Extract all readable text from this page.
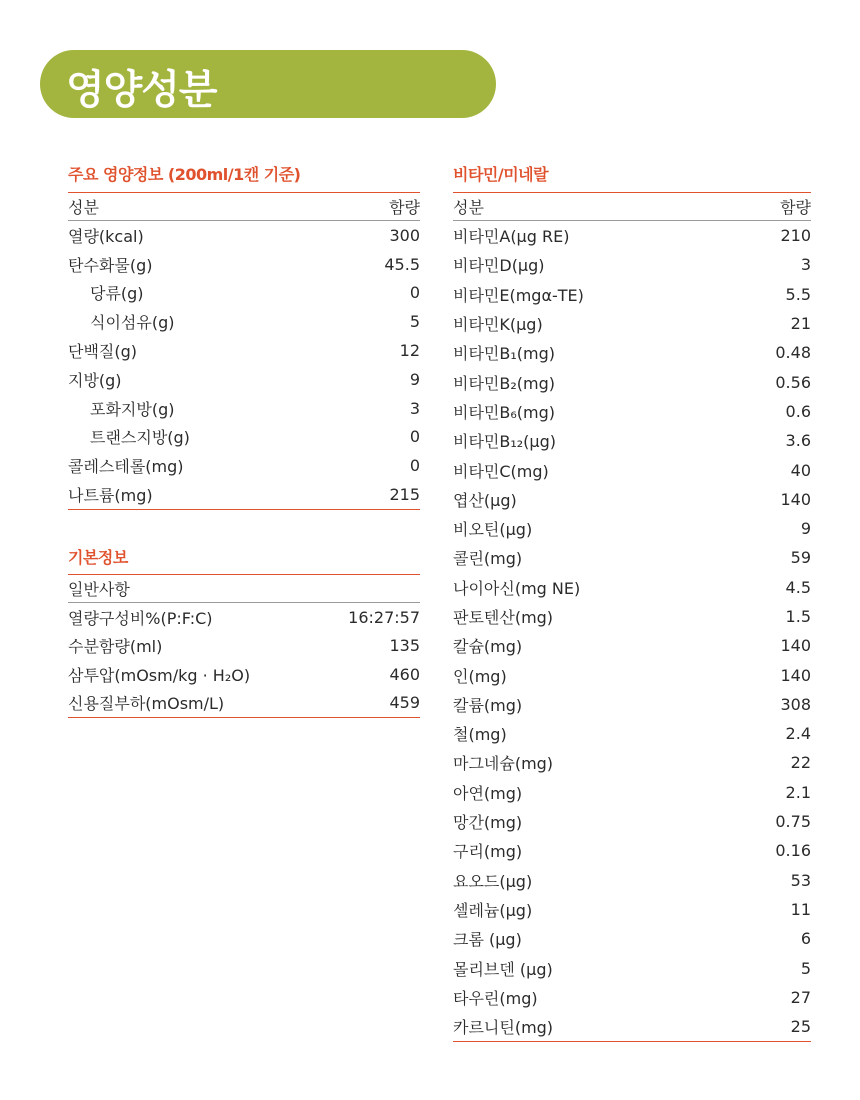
영양성분
주요 영양정보 (200ml/1캔 기준)
성분	함량
열량(kcal)	300
탄수화물(g)	45.5
당류(g)	0
식이섬유(g)	5
단백질(g)	12
지방(g)	9
포화지방(g)	3
트랜스지방(g)	0
콜레스테롤(mg)	0
나트륨(mg)	215
기본정보
일반사항
열량구성비%(P:F:C)	16:27:57
수분함량(ml)	135
삼투압(mOsm/kg · H₂O)	460
신용질부하(mOsm/L)	459
비타민/미네랄
성분	함량
비타민A(μg RE)	210
비타민D(μg)	3
비타민E(mgα-TE)	5.5
비타민K(μg)	21
비타민B₁(mg)	0.48
비타민B₂(mg)	0.56
비타민B₆(mg)	0.6
비타민B₁₂(μg)	3.6
비타민C(mg)	40
엽산(μg)	140
비오틴(μg)	9
콜린(mg)	59
나이아신(mg NE)	4.5
판토텐산(mg)	1.5
칼슘(mg)	140
인(mg)	140
칼륨(mg)	308
철(mg)	2.4
마그네슘(mg)	22
아연(mg)	2.1
망간(mg)	0.75
구리(mg)	0.16
요오드(μg)	53
셀레늄(μg)	11
크롬 (μg)	6
몰리브덴 (μg)	5
타우린(mg)	27
카르니틴(mg)	25
